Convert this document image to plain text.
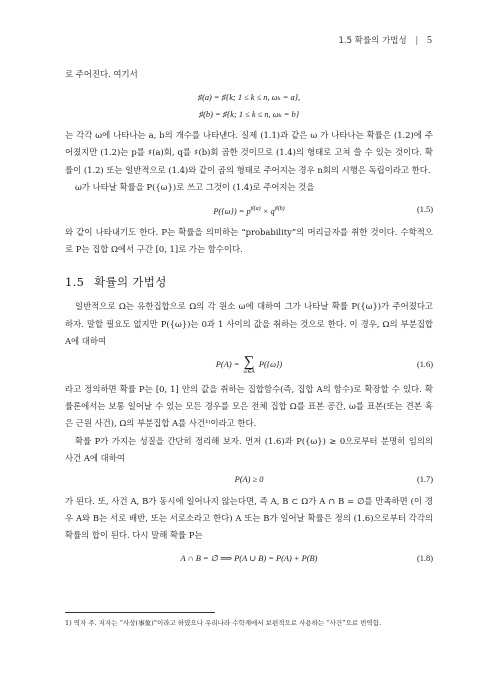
1.5 확률의 가법성 | 5

로 주어진다. 여기서

♯(a) = ♯{k; 1 ≤ k ≤ n, ωₖ = a},
♯(b) = ♯{k; 1 ≤ k ≤ n, ωₖ = b}

는 각각 ω에 나타나는 a, b의 개수를 나타낸다. 실제 (1.1)과 같은 ω 가 나타나는 확률은 (1.2)에 주어졌지만 (1.2)는 p를 ♯(a)회, q를 ♯(b)회 곱한 것이므로 (1.4)의 형태로 고쳐 쓸 수 있는 것이다. 확률이 (1.2) 또는 일반적으로 (1.4)와 같이 곱의 형태로 주어지는 경우 n회의 시행은 독립이라고 한다.

ω가 나타날 확률을 P({ω})로 쓰고 그것이 (1.4)로 주어지는 것을

$P(\{\omega\}) = p^{♯(a)} \times q^{♯(b)}$	(1.5)

와 같이 나타내기도 한다. P는 확률을 의미하는 “probability”의 머리글자를 취한 것이다. 수학적으로 P는 집합 Ω에서 구간 [0, 1]로 가는 함수이다.

1.5 확률의 가법성

일반적으로 Ω는 유한집합으로 Ω의 각 원소 ω에 대하여 그가 나타날 확률 P({ω})가 주어졌다고 하자. 말할 필요도 없지만 P({ω})는 0과 1 사이의 값을 취하는 것으로 한다. 이 경우, Ω의 부분집합 A에 대하여

P(A) = ∑
ω∈A
P({ω})	(1.6)

라고 정의하면 확률 P는 [0, 1] 안의 값을 취하는 집합함수(즉, 집합 A의 함수)로 확장할 수 있다. 확률론에서는 보통 일어날 수 있는 모든 경우를 모은 전체 집합 Ω를 표본 공간, ω를 표본(또는 견본 혹은 근원 사건), Ω의 부분집합 A를 사건¹⁾이라고 한다.

확률 P가 가지는 성질을 간단히 정리해 보자. 먼저 (1.6)과 P({ω}) ≥ 0으로부터 분명히 임의의 사건 A에 대하여

P(A) ≥ 0	(1.7)

가 된다. 또, 사건 A, B가 동시에 일어나지 않는다면, 즉 A, B ⊂ Ω가 A ∩ B = ∅를 만족하면 (이 경우 A와 B는 서로 배반, 또는 서로소라고 한다) A 또는 B가 일어날 확률은 정의 (1.6)으로부터 각각의 확률의 합이 된다. 다시 말해 확률 P는

A ∩ B = ∅ ⟹ P(A ∪ B) = P(A) + P(B)	(1.8)
1) 역자 주. 저자는 “사상(事象)”이라고 하였으나 우리나라 수학계에서 보편적으로 사용하는 “사건”으로 번역함.
